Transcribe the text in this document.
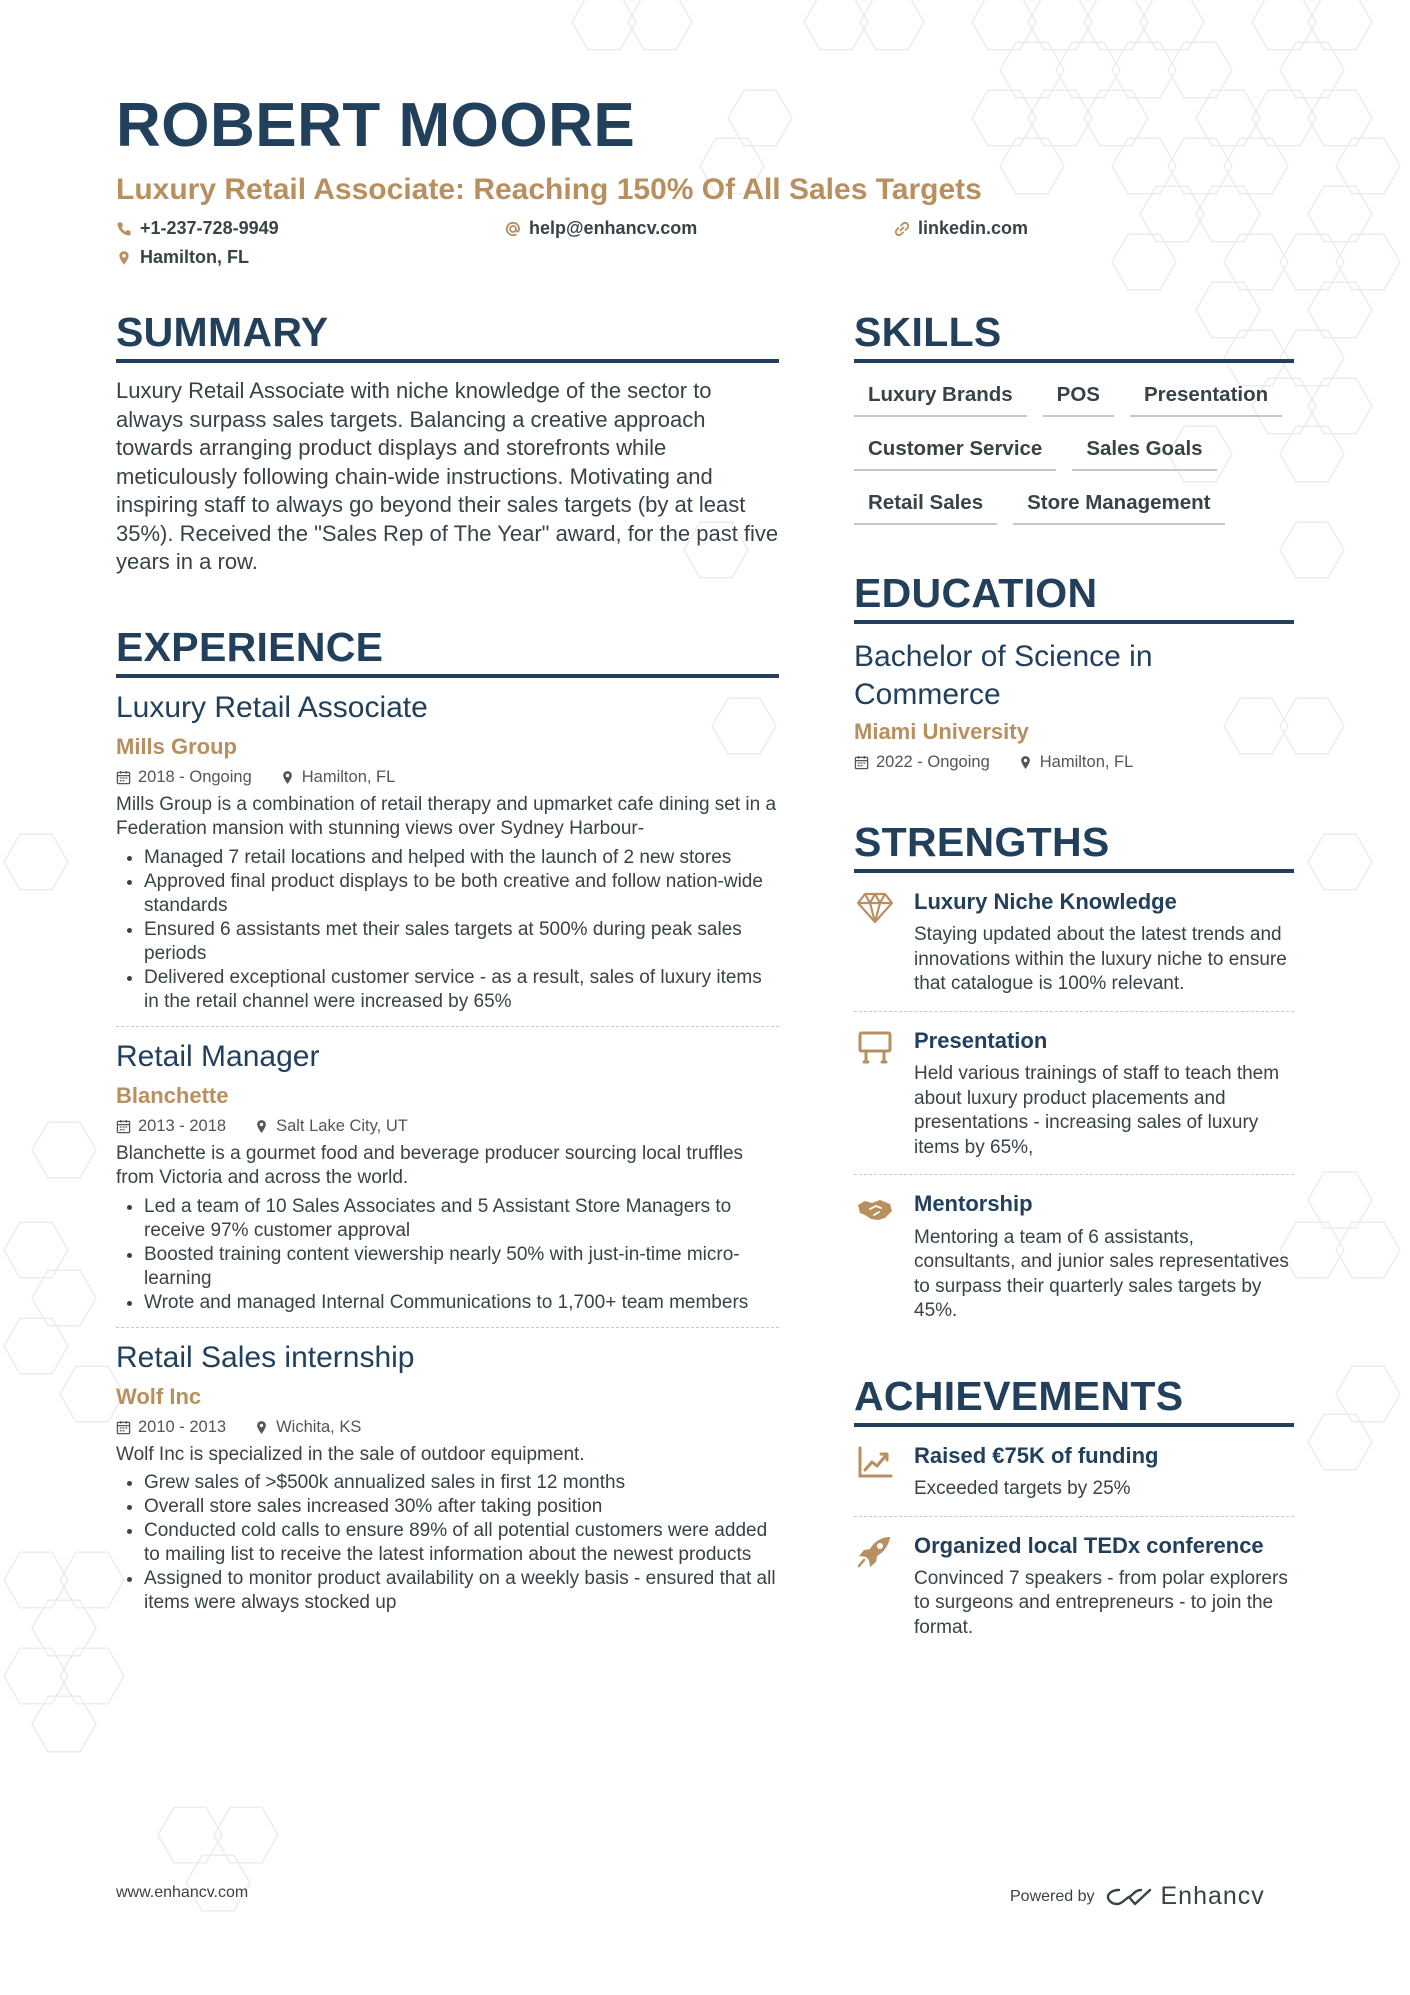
ROBERT MOORE
Luxury Retail Associate: Reaching 150% Of All Sales Targets
+1-237-728-9949	help@enhancv.com	linkedin.com
Hamilton, FL
SUMMARY
Luxury Retail Associate with niche knowledge of the sector to always surpass sales targets. Balancing a creative approach towards arranging product displays and storefronts while meticulously following chain-wide instructions. Motivating and inspiring staff to always go beyond their sales targets (by at least 35%). Received the "Sales Rep of The Year" award, for the past five years in a row.
EXPERIENCE
Luxury Retail Associate
Mills Group
2018 - Ongoing	Hamilton, FL
Mills Group is a combination of retail therapy and upmarket cafe dining set in a Federation mansion with stunning views over Sydney Harbour-
• Managed 7 retail locations and helped with the launch of 2 new stores
• Approved final product displays to be both creative and follow nation-wide standards
• Ensured 6 assistants met their sales targets at 500% during peak sales periods
• Delivered exceptional customer service - as a result, sales of luxury items in the retail channel were increased by 65%
Retail Manager
Blanchette
2013 - 2018	Salt Lake City, UT
Blanchette is a gourmet food and beverage producer sourcing local truffles from Victoria and across the world.
• Led a team of 10 Sales Associates and 5 Assistant Store Managers to receive 97% customer approval
• Boosted training content viewership nearly 50% with just-in-time micro-learning
• Wrote and managed Internal Communications to 1,700+ team members
Retail Sales internship
Wolf Inc
2010 - 2013	Wichita, KS
Wolf Inc is specialized in the sale of outdoor equipment.
• Grew sales of >$500k annualized sales in first 12 months
• Overall store sales increased 30% after taking position
• Conducted cold calls to ensure 89% of all potential customers were added to mailing list to receive the latest information about the newest products
• Assigned to monitor product availability on a weekly basis - ensured that all items were always stocked up
SKILLS
Luxury Brands	POS	Presentation
Customer Service	Sales Goals
Retail Sales	Store Management
EDUCATION
Bachelor of Science in Commerce
Miami University
2022 - Ongoing	Hamilton, FL
STRENGTHS
Luxury Niche Knowledge
Staying updated about the latest trends and innovations within the luxury niche to ensure that catalogue is 100% relevant.
Presentation
Held various trainings of staff to teach them about luxury product placements and presentations - increasing sales of luxury items by 65%,
Mentorship
Mentoring a team of 6 assistants, consultants, and junior sales representatives to surpass their quarterly sales targets by 45%.
ACHIEVEMENTS
Raised €75K of funding
Exceeded targets by 25%
Organized local TEDx conference
Convinced 7 speakers - from polar explorers to surgeons and entrepreneurs - to join the format.
www.enhancv.com	Powered by	Enhancv
